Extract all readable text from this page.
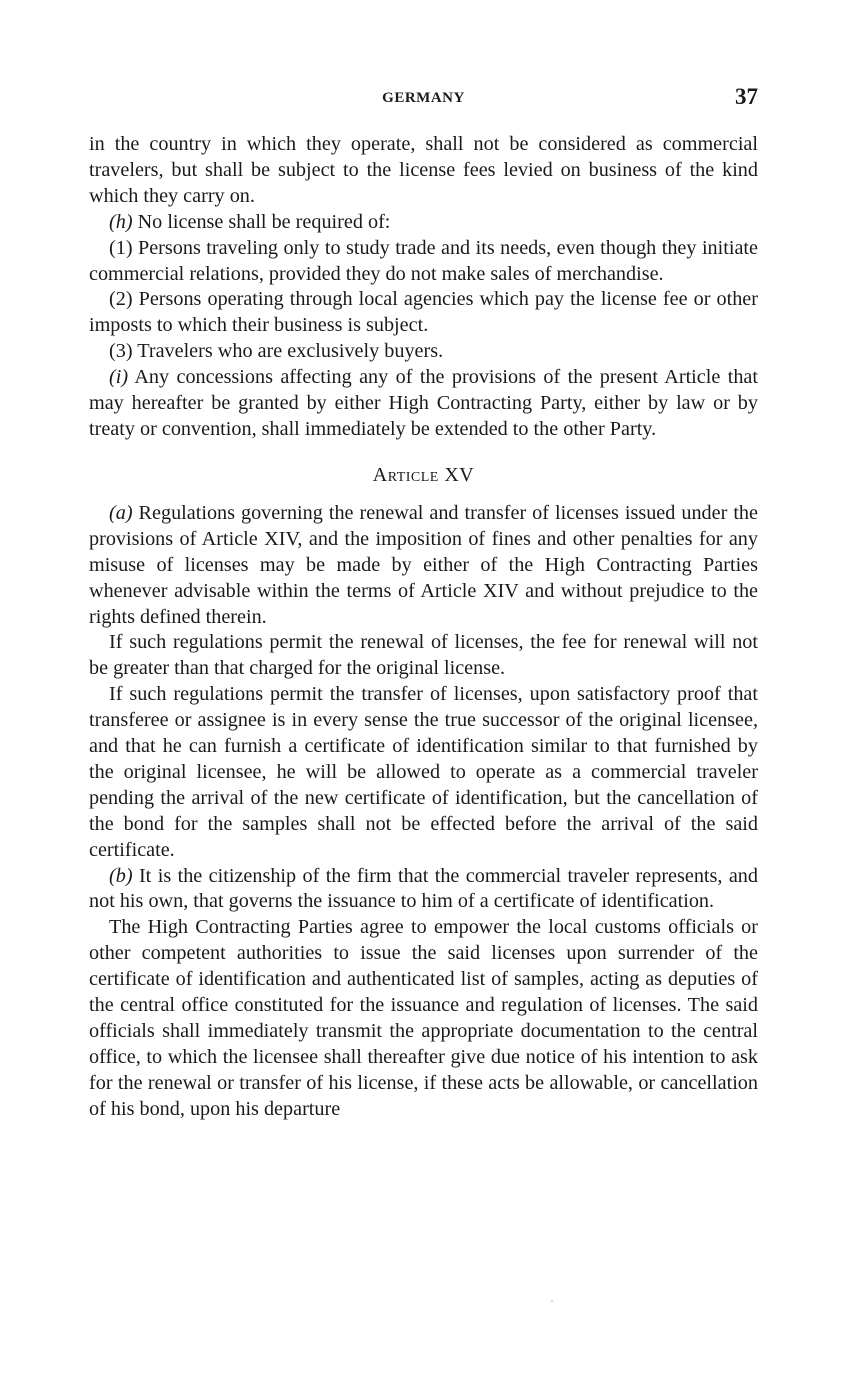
GERMANY	37

in the country in which they operate, shall not be considered as commercial travelers, but shall be subject to the license fees levied on business of the kind which they carry on.

(h) No license shall be required of:

(1) Persons traveling only to study trade and its needs, even though they initiate commercial relations, provided they do not make sales of merchandise.

(2) Persons operating through local agencies which pay the license fee or other imposts to which their business is subject.

(3) Travelers who are exclusively buyers.

(i) Any concessions affecting any of the provisions of the present Article that may hereafter be granted by either High Contracting Party, either by law or by treaty or convention, shall immediately be extended to the other Party.

Article XV

(a) Regulations governing the renewal and transfer of licenses issued under the provisions of Article XIV, and the imposition of fines and other penalties for any misuse of licenses may be made by either of the High Contracting Parties whenever advisable within the terms of Article XIV and without prejudice to the rights defined therein.

If such regulations permit the renewal of licenses, the fee for renewal will not be greater than that charged for the original license.

If such regulations permit the transfer of licenses, upon satisfactory proof that transferee or assignee is in every sense the true successor of the original licensee, and that he can furnish a certificate of identification similar to that furnished by the original licensee, he will be allowed to operate as a commercial traveler pending the arrival of the new certificate of identification, but the cancellation of the bond for the samples shall not be effected before the arrival of the said certificate.

(b) It is the citizenship of the firm that the commercial traveler represents, and not his own, that governs the issuance to him of a certificate of identification.

The High Contracting Parties agree to empower the local customs officials or other competent authorities to issue the said licenses upon surrender of the certificate of identification and authenticated list of samples, acting as deputies of the central office constituted for the issuance and regulation of licenses. The said officials shall immediately transmit the appropriate documentation to the central office, to which the licensee shall thereafter give due notice of his intention to ask for the renewal or transfer of his license, if these acts be allowable, or cancellation of his bond, upon his departure
